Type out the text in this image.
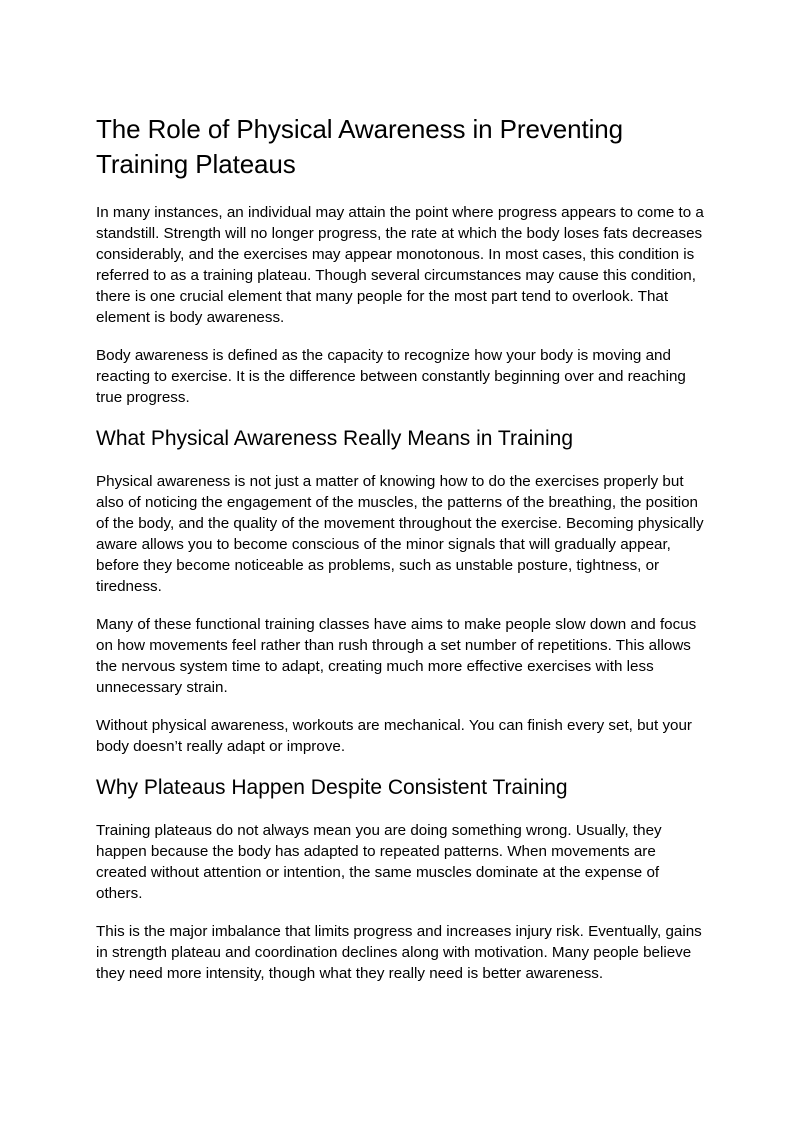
The Role of Physical Awareness in Preventing Training Plateaus

In many instances, an individual may attain the point where progress appears to come to a standstill. Strength will no longer progress, the rate at which the body loses fats decreases considerably, and the exercises may appear monotonous. In most cases, this condition is referred to as a training plateau. Though several circumstances may cause this condition, there is one crucial element that many people for the most part tend to overlook. That element is body awareness.

Body awareness is defined as the capacity to recognize how your body is moving and reacting to exercise. It is the difference between constantly beginning over and reaching true progress.

What Physical Awareness Really Means in Training

Physical awareness is not just a matter of knowing how to do the exercises properly but also of noticing the engagement of the muscles, the patterns of the breathing, the position of the body, and the quality of the movement throughout the exercise. Becoming physically aware allows you to become conscious of the minor signals that will gradually appear, before they become noticeable as problems, such as unstable posture, tightness, or tiredness.

Many of these functional training classes have aims to make people slow down and focus on how movements feel rather than rush through a set number of repetitions. This allows the nervous system time to adapt, creating much more effective exercises with less unnecessary strain.

Without physical awareness, workouts are mechanical. You can finish every set, but your body doesn’t really adapt or improve.

Why Plateaus Happen Despite Consistent Training

Training plateaus do not always mean you are doing something wrong. Usually, they happen because the body has adapted to repeated patterns. When movements are created without attention or intention, the same muscles dominate at the expense of others.

This is the major imbalance that limits progress and increases injury risk. Eventually, gains in strength plateau and coordination declines along with motivation. Many people believe they need more intensity, though what they really need is better awareness.
